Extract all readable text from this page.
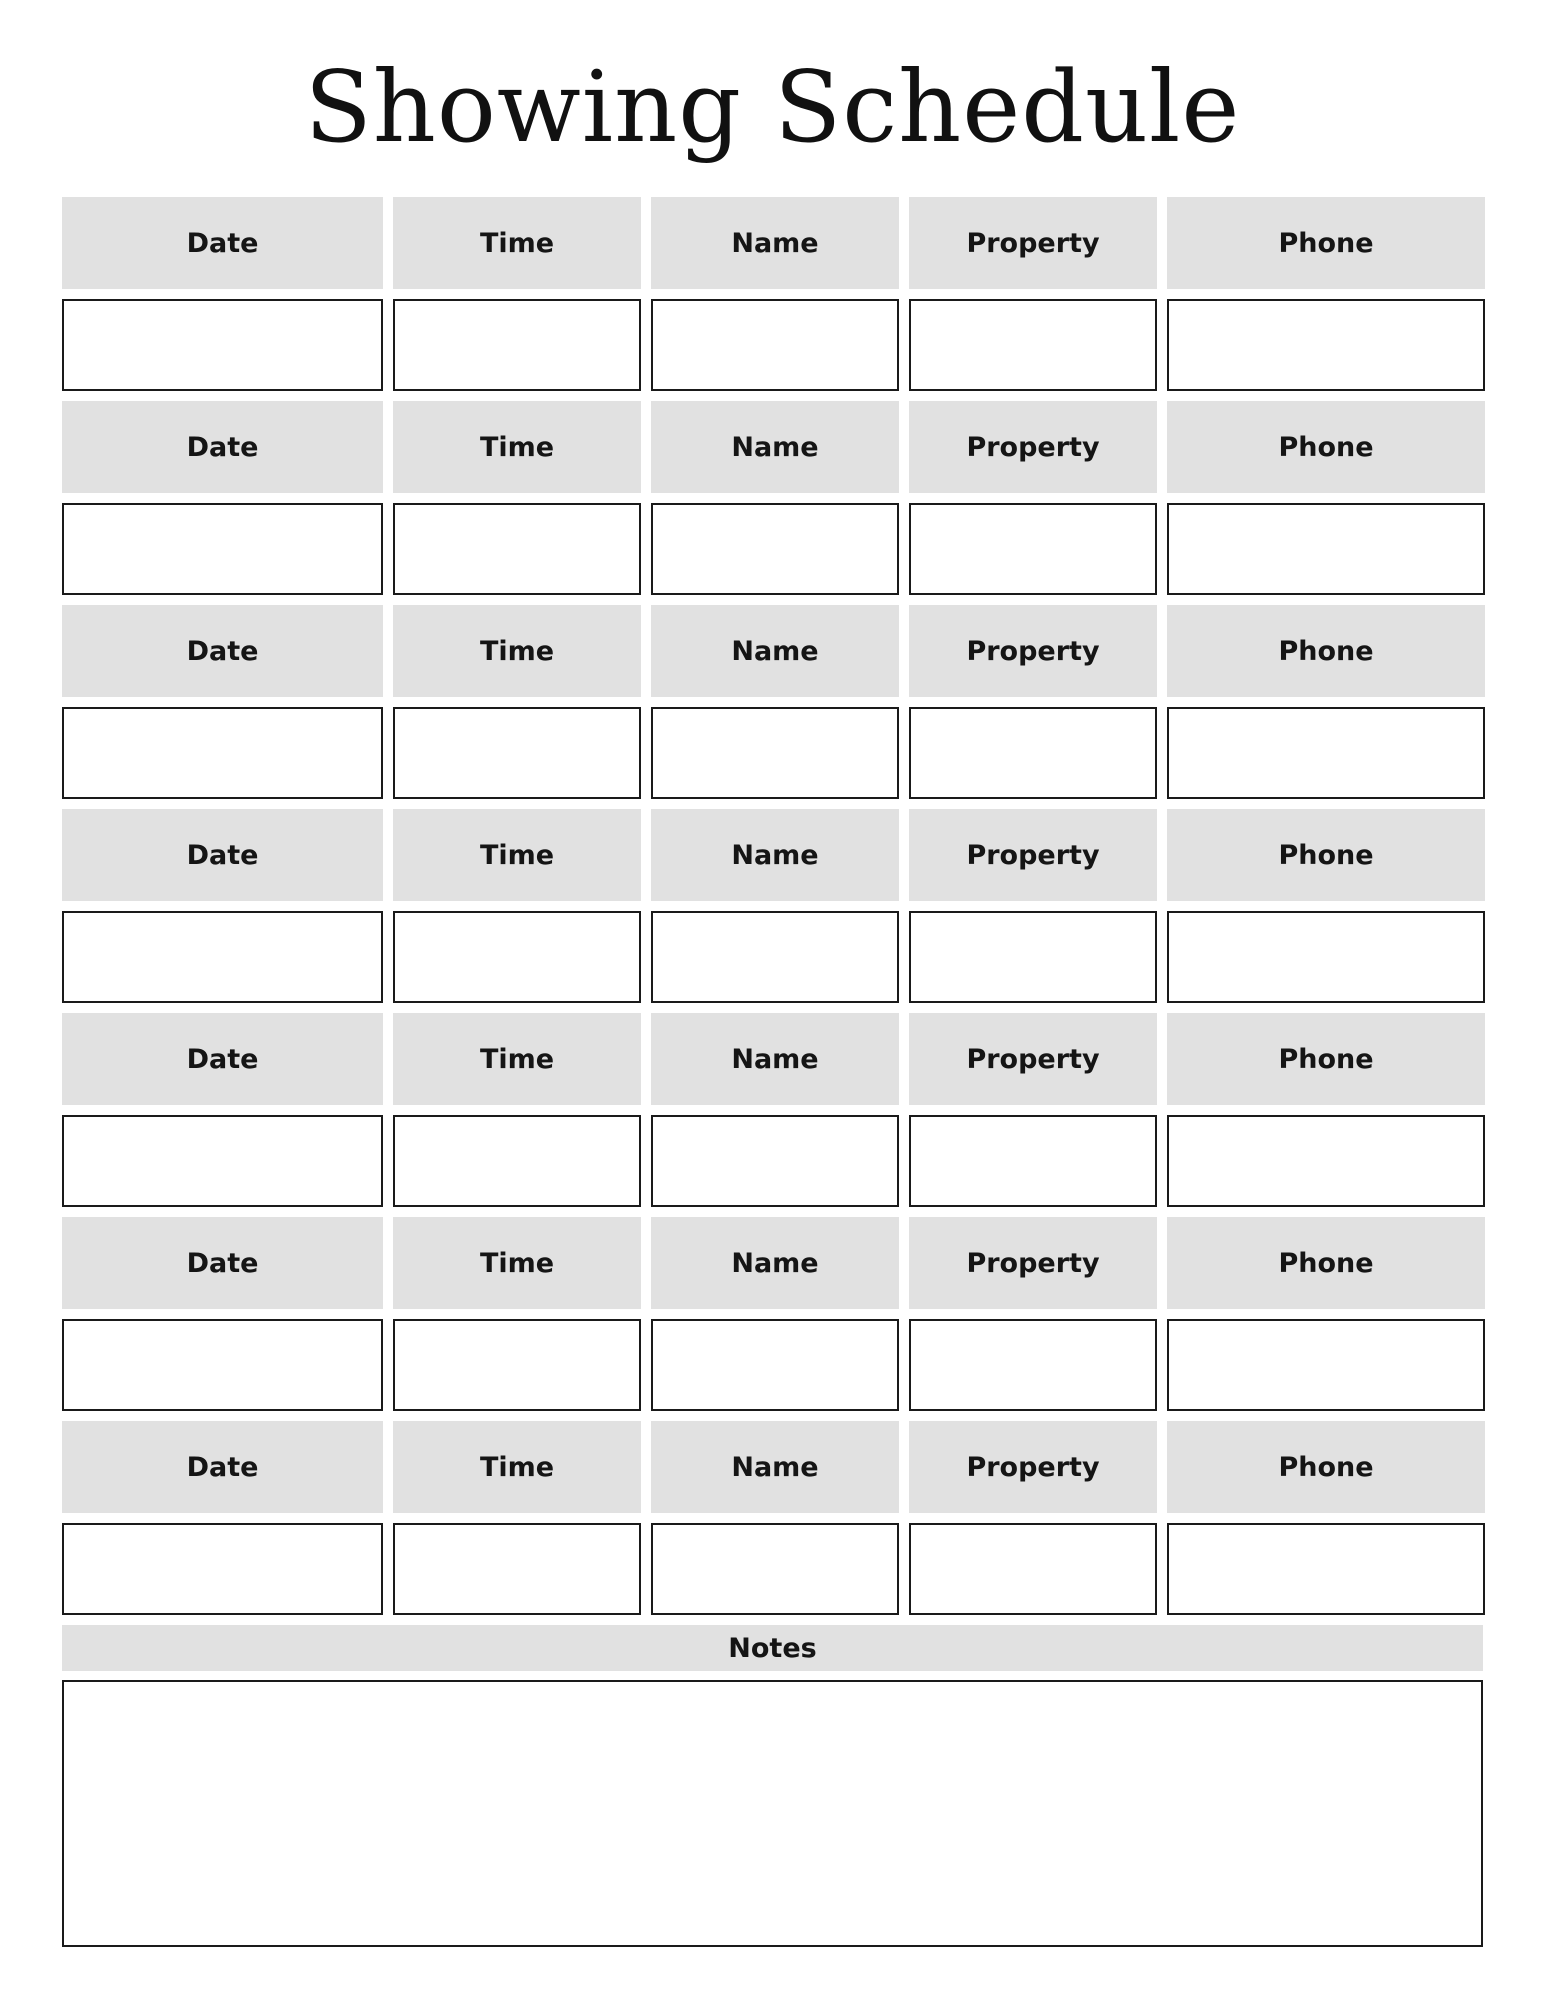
Showing Schedule
Date	Time	Name	Property	Phone
Date	Time	Name	Property	Phone
Date	Time	Name	Property	Phone
Date	Time	Name	Property	Phone
Date	Time	Name	Property	Phone
Date	Time	Name	Property	Phone
Date	Time	Name	Property	Phone
Notes
